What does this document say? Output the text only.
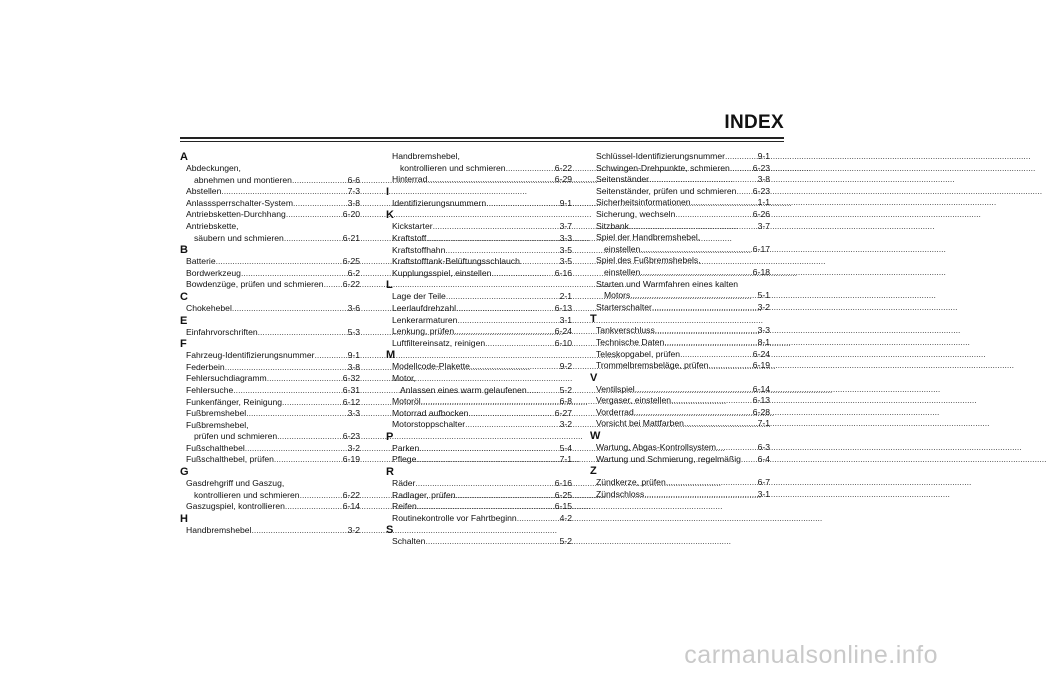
INDEX
A
Abdeckungen,
abnehmen und montieren .....	6-6
Abstellen .....	7-3
Anlasssperrschalter-System .....	3-8
Antriebsketten-Durchhang .....	6-20
Antriebskette,
säubern und schmieren .....	6-21
B
Batterie .....	6-25
Bordwerkzeug .....	6-2
Bowdenzüge, prüfen und schmieren ..... 6-22
C
Chokehebel .....	3-6
E
Einfahrvorschriften .....	5-3
F
Fahrzeug-Identifizierungsnummer .....	9-1
Federbein .....	3-8
Fehlersuchdiagramm .....	6-32
Fehlersuche .....	6-31
Funkenfänger, Reinigung .....	6-12
Fußbremshebel .....	3-3
Fußbremshebel,
prüfen und schmieren .....	6-23
Fußschalthebel .....	3-2
Fußschalthebel, prüfen .....	6-19
G
Gasdrehgriff und Gaszug,
kontrollieren und schmieren .....	6-22
Gaszugspiel, kontrollieren .....	6-14
H
Handbremshebel .....	3-2
Handbremshebel,
kontrollieren und schmieren .....	6-22
Hinterrad .....	6-29
I
Identifizierungsnummern .....	9-1
K
Kickstarter .....	3-7
Kraftstoff .....	3-3
Kraftstoffhahn .....	3-5
Kraftstofftank-Belüftungsschlauch .....	3-5
Kupplungsspiel, einstellen .....	6-16
L
Lage der Teile .....	2-1
Leerlaufdrehzahl .....	6-13
Lenkerarmaturen .....	3-1
Lenkung, prüfen .....	6-24
Luftfiltereinsatz, reinigen .....	6-10
M
Modellcode-Plakette .....	9-2
Motor,
Anlassen eines warm gelaufenen .....	5-2
Motoröl .....	6-8
Motorrad aufbocken .....	6-27
Motorstoppschalter .....	3-2
P
Parken .....	5-4
Pflege .....	7-1
R
Räder .....	6-16
Radlager, prüfen .....	6-25
Reifen .....	6-15
Routinekontrolle vor Fahrtbeginn .....	4-2
S
Schalten .....	5-2
Schlüssel-Identifizierungsnummer .....	9-1
Schwingen-Drehpunkte, schmieren .....	6-23
Seitenständer .....	3-8
Seitenständer, prüfen und schmieren ..... 6-23
Sicherheitsinformationen .....	1-1
Sicherung, wechseln .....	6-26
Sitzbank .....	3-7
Spiel der Handbremshebel,
einstellen .....	6-17
Spiel des Fußbremshebels,
einstellen .....	6-18
Starten und Warmfahren eines kalten
Motors .....	5-1
Starterschalter .....	3-2
T
Tankverschluss .....	3-3
Technische Daten .....	8-1
Teleskopgabel, prüfen .....	6-24
Trommelbremsbeläge, prüfen .....	6-19
V
Ventilspiel .....	6-14
Vergaser, einstellen .....	6-13
Vorderrad .....	6-28
Vorsicht bei Mattfarben .....	7-1
W
Wartung, Abgas-Kontrollsystem .....	6-3
Wartung und Schmierung, regelmäßig ..... 6-4
Z
Zündkerze, prüfen .....	6-7
Zündschloss .....	3-1
carmanualsonline.info
